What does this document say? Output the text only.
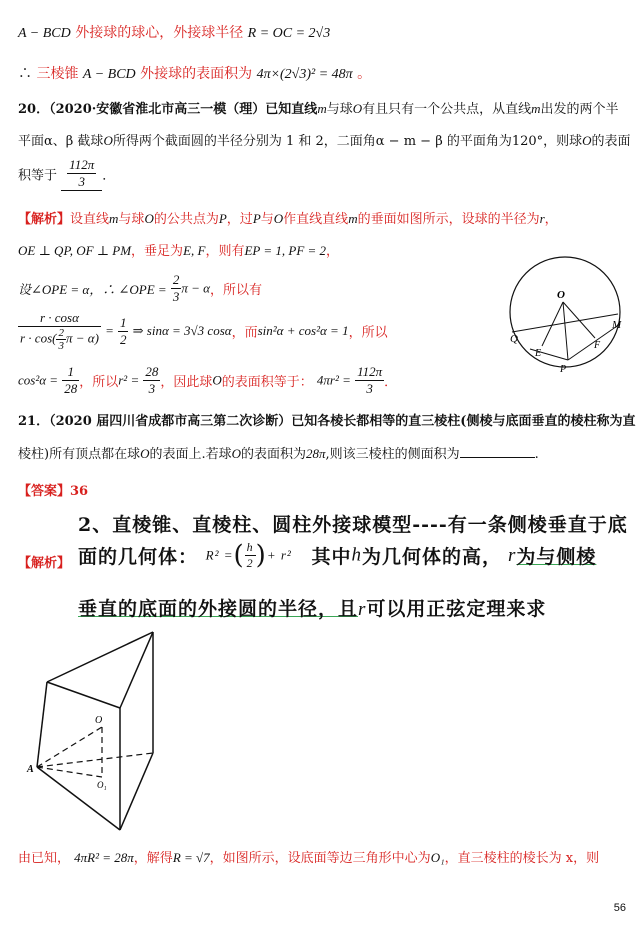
A − BCD 外接球的球心，外接球半径 R = OC = 2√3
∴ 三棱锥 A − BCD 外接球的表面积为 4π×(2√3)² = 48π 。
20．（2020·安徽省淮北市高三一模（理）已知直线m与球O有且只有一个公共点，从直线m出发的两个半
平面α、β 截球O所得两个截面圆的半径分别为 1 和 2，二面角α − m − β 的平面角为120°，则球O的表面
积等于 $\frac{112\pi}{3}$ ．
【解析】设直线m与球O的公共点为P，过P与O作直线直线m的垂面如图所示，设球的半径为r，
OE ⊥ QP, OF ⊥ PM，垂足为E, F，则有EP = 1, PF = 2，
设∠OPE = α，∴ ∠OPE = $\frac{2}{3}$ π − α，所以有
$\frac{r \cdot \cos\alpha}{r \cdot \cos( \frac{2}{3} \pi - \alpha)} = \frac{1}{2}$ ⇒ sinα = 3√3 cosα，而sin²α + cos²α = 1，所以
$\cos^2\alpha = \frac{1}{28}$ ，所以$r^2 = \frac{28}{3}$ ，因此球O的表面积等于： $4\pi r^2 = \frac{112\pi}{3}$ ．
O
M
Q
E
F
P
21．（2020 届四川省成都市高三第二次诊断）已知各棱长都相等的直三棱柱(侧棱与底面垂直的棱柱称为直
棱柱)所有顶点都在球O的表面上.若球O的表面积为28π,则该三棱柱的侧面积为	.
【答案】36
2、直棱锥、直棱柱、圆柱外接球模型----有一条侧棱垂直于底
【解析】 面的几何体： R² =( $\frac{h}{2}$ )+ r² 其中h为几何体的高， r为与侧棱
垂直的底面的外接圆的半径，且r可以用正弦定理来求
O
A
O₁
由已知， 4πR² = 28π，解得R = √7，如图所示，设底面等边三角形中心为O₁，直三棱柱的棱长为 x，则
56
